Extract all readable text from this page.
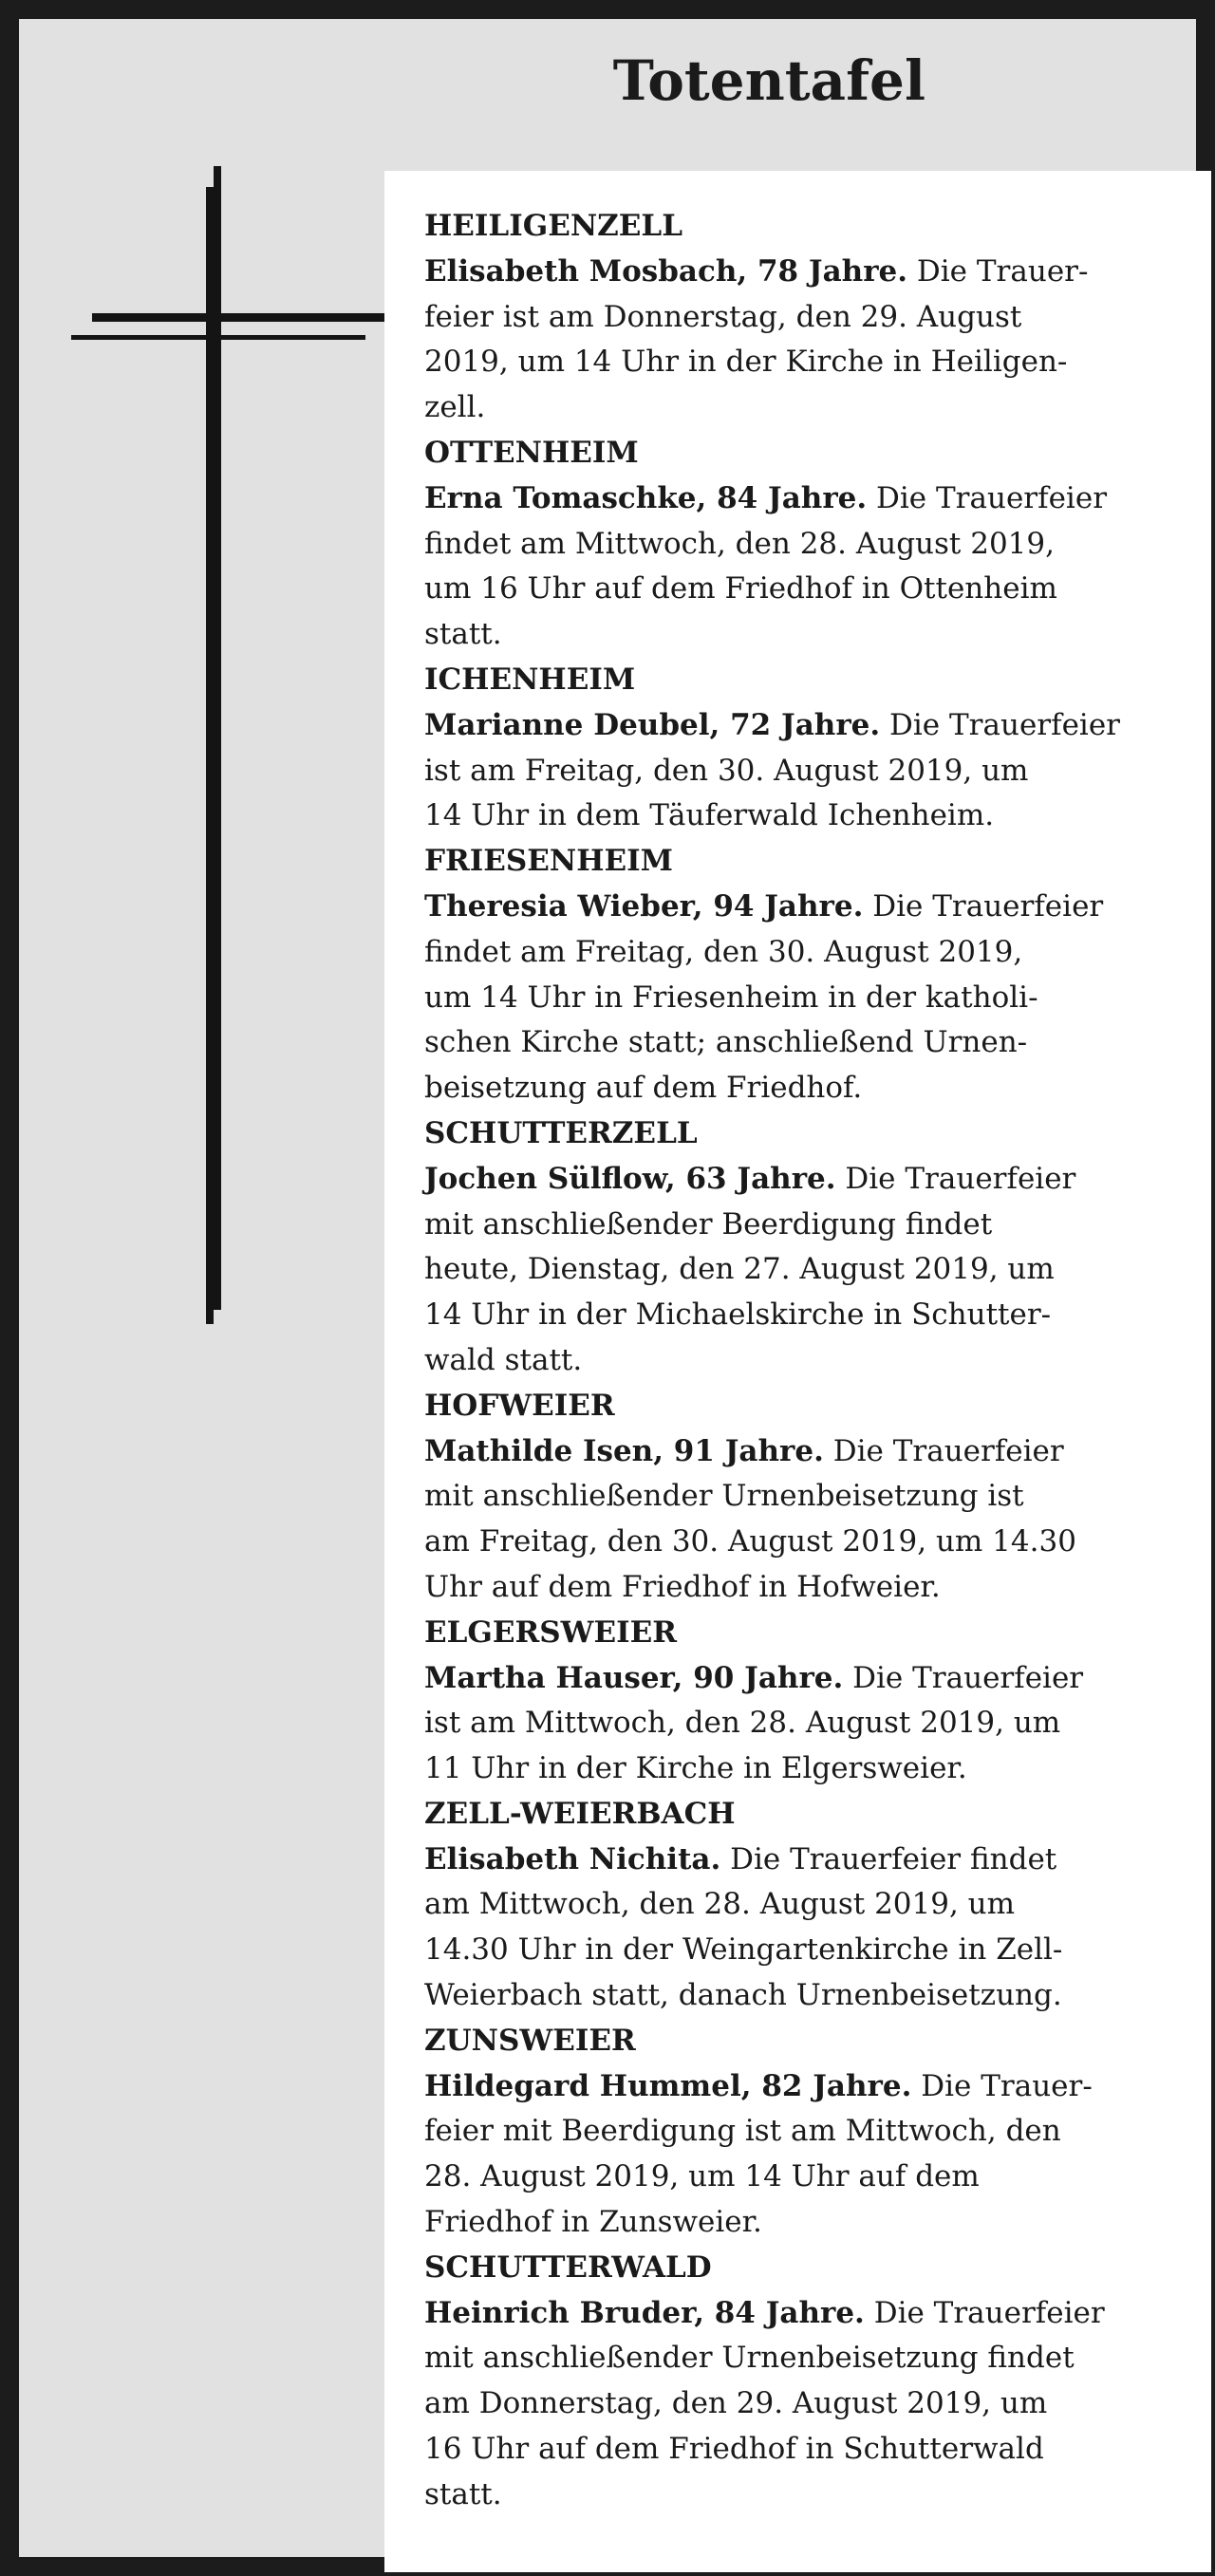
Totentafel
HEILIGENZELL
Elisabeth Mosbach, 78 Jahre. Die Trauer-
feier ist am Donnerstag, den 29. August
2019, um 14 Uhr in der Kirche in Heiligen-
zell.
OTTENHEIM
Erna Tomaschke, 84 Jahre. Die Trauerfeier
findet am Mittwoch, den 28. August 2019,
um 16 Uhr auf dem Friedhof in Ottenheim
statt.
ICHENHEIM
Marianne Deubel, 72 Jahre. Die Trauerfeier
ist am Freitag, den 30. August 2019, um
14 Uhr in dem Täuferwald Ichenheim.
FRIESENHEIM
Theresia Wieber, 94 Jahre. Die Trauerfeier
findet am Freitag, den 30. August 2019,
um 14 Uhr in Friesenheim in der katholi-
schen Kirche statt; anschließend Urnen-
beisetzung auf dem Friedhof.
SCHUTTERZELL
Jochen Sülflow, 63 Jahre. Die Trauerfeier
mit anschließender Beerdigung findet
heute, Dienstag, den 27. August 2019, um
14 Uhr in der Michaelskirche in Schutter-
wald statt.
HOFWEIER
Mathilde Isen, 91 Jahre. Die Trauerfeier
mit anschließender Urnenbeisetzung ist
am Freitag, den 30. August 2019, um 14.30
Uhr auf dem Friedhof in Hofweier.
ELGERSWEIER
Martha Hauser, 90 Jahre. Die Trauerfeier
ist am Mittwoch, den 28. August 2019, um
11 Uhr in der Kirche in Elgersweier.
ZELL-WEIERBACH
Elisabeth Nichita. Die Trauerfeier findet
am Mittwoch, den 28. August 2019, um
14.30 Uhr in der Weingartenkirche in Zell-
Weierbach statt, danach Urnenbeisetzung.
ZUNSWEIER
Hildegard Hummel, 82 Jahre. Die Trauer-
feier mit Beerdigung ist am Mittwoch, den
28. August 2019, um 14 Uhr auf dem
Friedhof in Zunsweier.
SCHUTTERWALD
Heinrich Bruder, 84 Jahre. Die Trauerfeier
mit anschließender Urnenbeisetzung findet
am Donnerstag, den 29. August 2019, um
16 Uhr auf dem Friedhof in Schutterwald
statt.
